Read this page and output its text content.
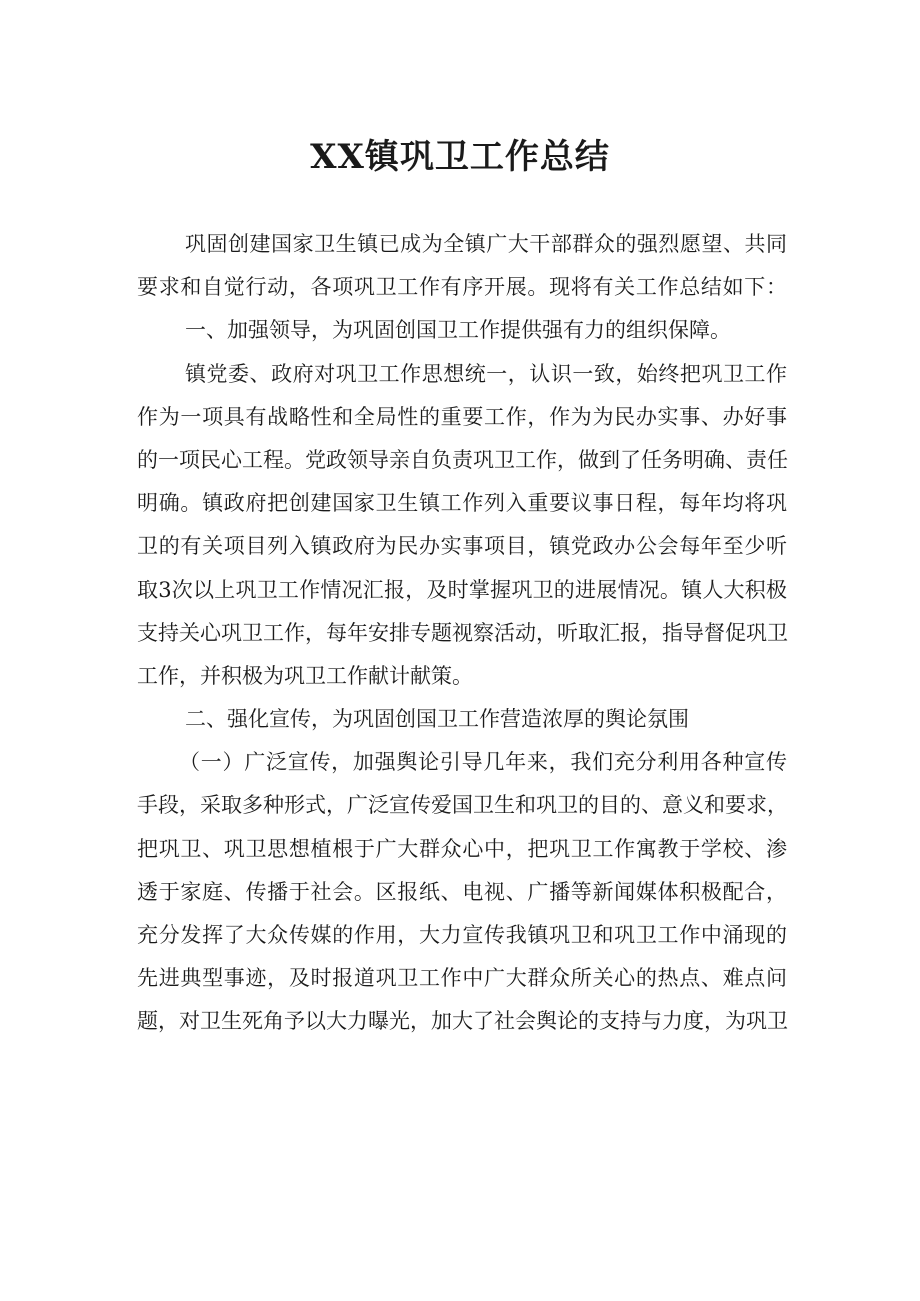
XX镇巩卫工作总结
巩固创建国家卫生镇已成为全镇广大干部群众的强烈愿望、共同
要求和自觉行动，各项巩卫工作有序开展。现将有关工作总结如下：
一、加强领导，为巩固创国卫工作提供强有力的组织保障。
镇党委、政府对巩卫工作思想统一，认识一致，始终把巩卫工作
作为一项具有战略性和全局性的重要工作，作为为民办实事、办好事
的一项民心工程。党政领导亲自负责巩卫工作，做到了任务明确、责任
明确。镇政府把创建国家卫生镇工作列入重要议事日程，每年均将巩
卫的有关项目列入镇政府为民办实事项目，镇党政办公会每年至少听
取3次以上巩卫工作情况汇报，及时掌握巩卫的进展情况。镇人大积极
支持关心巩卫工作，每年安排专题视察活动，听取汇报，指导督促巩卫
工作，并积极为巩卫工作献计献策。
二、强化宣传，为巩固创国卫工作营造浓厚的舆论氛围
（一）广泛宣传，加强舆论引导几年来，我们充分利用各种宣传
手段，采取多种形式，广泛宣传爱国卫生和巩卫的目的、意义和要求，
把巩卫、巩卫思想植根于广大群众心中，把巩卫工作寓教于学校、渗
透于家庭、传播于社会。区报纸、电视、广播等新闻媒体积极配合，
充分发挥了大众传媒的作用，大力宣传我镇巩卫和巩卫工作中涌现的
先进典型事迹，及时报道巩卫工作中广大群众所关心的热点、难点问
题，对卫生死角予以大力曝光，加大了社会舆论的支持与力度，为巩卫
